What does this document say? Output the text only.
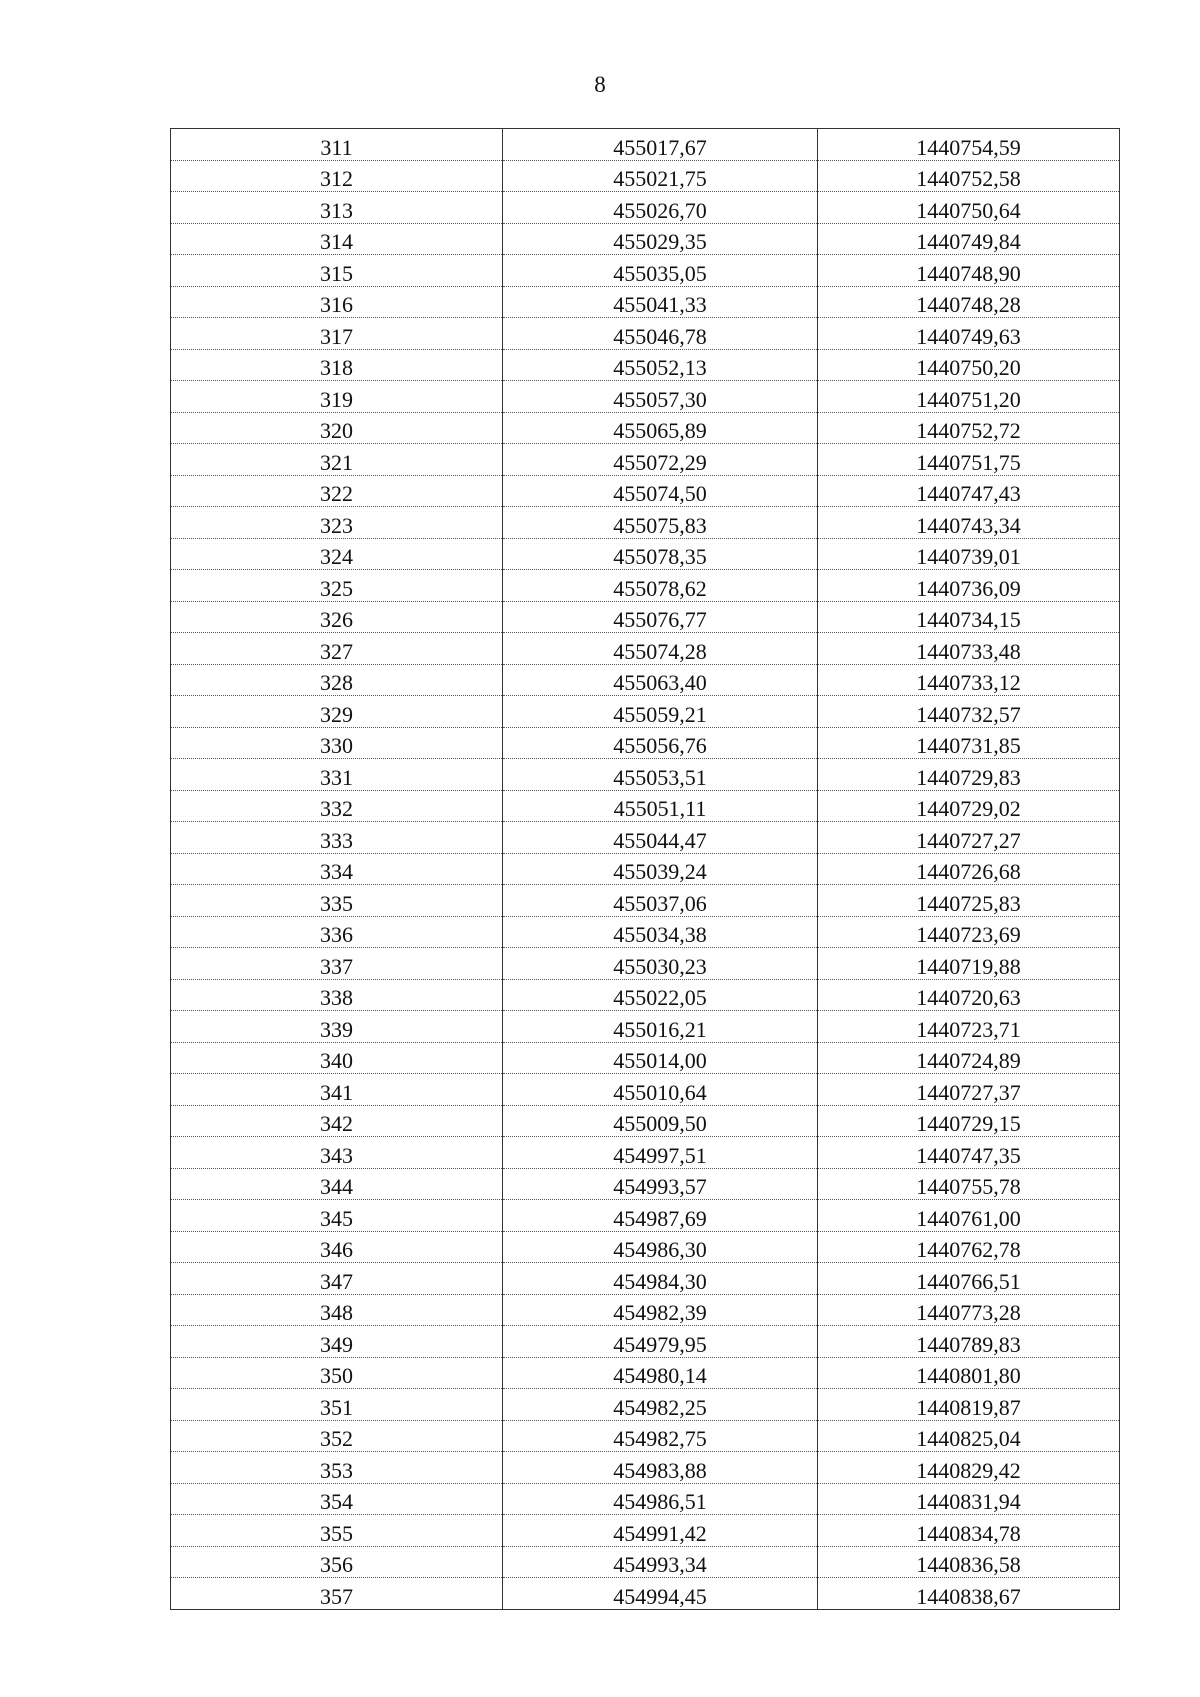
8
311	455017,67	1440754,59
312	455021,75	1440752,58
313	455026,70	1440750,64
314	455029,35	1440749,84
315	455035,05	1440748,90
316	455041,33	1440748,28
317	455046,78	1440749,63
318	455052,13	1440750,20
319	455057,30	1440751,20
320	455065,89	1440752,72
321	455072,29	1440751,75
322	455074,50	1440747,43
323	455075,83	1440743,34
324	455078,35	1440739,01
325	455078,62	1440736,09
326	455076,77	1440734,15
327	455074,28	1440733,48
328	455063,40	1440733,12
329	455059,21	1440732,57
330	455056,76	1440731,85
331	455053,51	1440729,83
332	455051,11	1440729,02
333	455044,47	1440727,27
334	455039,24	1440726,68
335	455037,06	1440725,83
336	455034,38	1440723,69
337	455030,23	1440719,88
338	455022,05	1440720,63
339	455016,21	1440723,71
340	455014,00	1440724,89
341	455010,64	1440727,37
342	455009,50	1440729,15
343	454997,51	1440747,35
344	454993,57	1440755,78
345	454987,69	1440761,00
346	454986,30	1440762,78
347	454984,30	1440766,51
348	454982,39	1440773,28
349	454979,95	1440789,83
350	454980,14	1440801,80
351	454982,25	1440819,87
352	454982,75	1440825,04
353	454983,88	1440829,42
354	454986,51	1440831,94
355	454991,42	1440834,78
356	454993,34	1440836,58
357	454994,45	1440838,67
